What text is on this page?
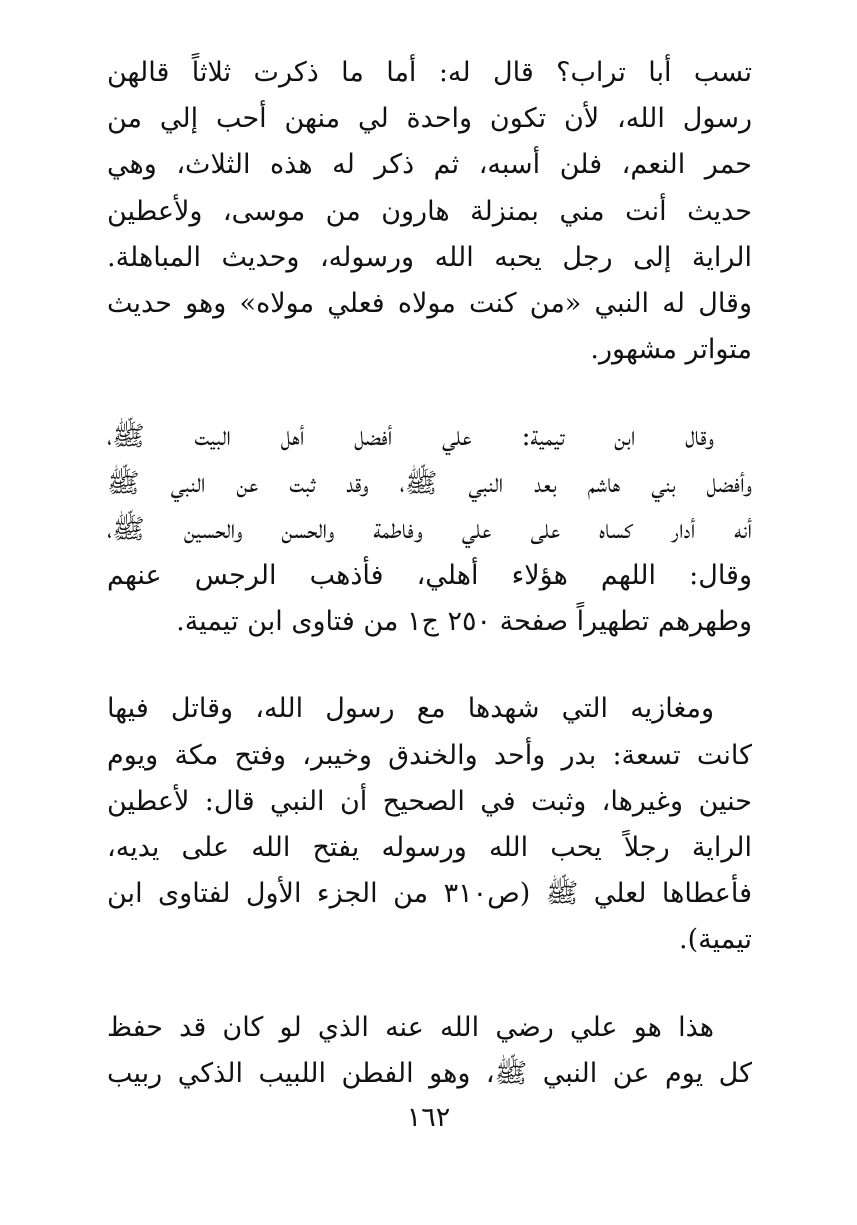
تسب أبا تراب؟ قال له: أما ما ذكرت ثلاثاً قالهن
رسول الله، لأن تكون واحدة لي منهن أحب إلي من
حمر النعم، فلن أسبه، ثم ذكر له هذه الثلاث، وهي
حديث أنت مني بمنزلة هارون من موسى، ولأعطين
الراية إلى رجل يحبه الله ورسوله، وحديث المباهلة.
وقال له النبي «من كنت مولاه فعلي مولاه» وهو حديث
متواتر مشهور.

وقال ابن تيمية: علي أفضل أهل البيت ﷺ،
وأفضل بني هاشم بعد النبي ﷺ، وقد ثبت عن النبي ﷺ
أنه أدار كساه على علي وفاطمة والحسن والحسين ﷺ،
وقال: اللهم هؤلاء أهلي، فأذهب الرجس عنهم
وطهرهم تطهيراً صفحة ٢٥٠ ج١ من فتاوى ابن تيمية.

ومغازيه التي شهدها مع رسول الله، وقاتل فيها
كانت تسعة: بدر وأحد والخندق وخيبر، وفتح مكة ويوم
حنين وغيرها، وثبت في الصحيح أن النبي قال: لأعطين
الراية رجلاً يحب الله ورسوله يفتح الله على يديه،
فأعطاها لعلي ﷺ (ص٣١٠ من الجزء الأول لفتاوى ابن
تيمية).

هذا هو علي رضي الله عنه الذي لو كان قد حفظ
كل يوم عن النبي ﷺ، وهو الفطن اللبيب الذكي ربيب

١٦٢
